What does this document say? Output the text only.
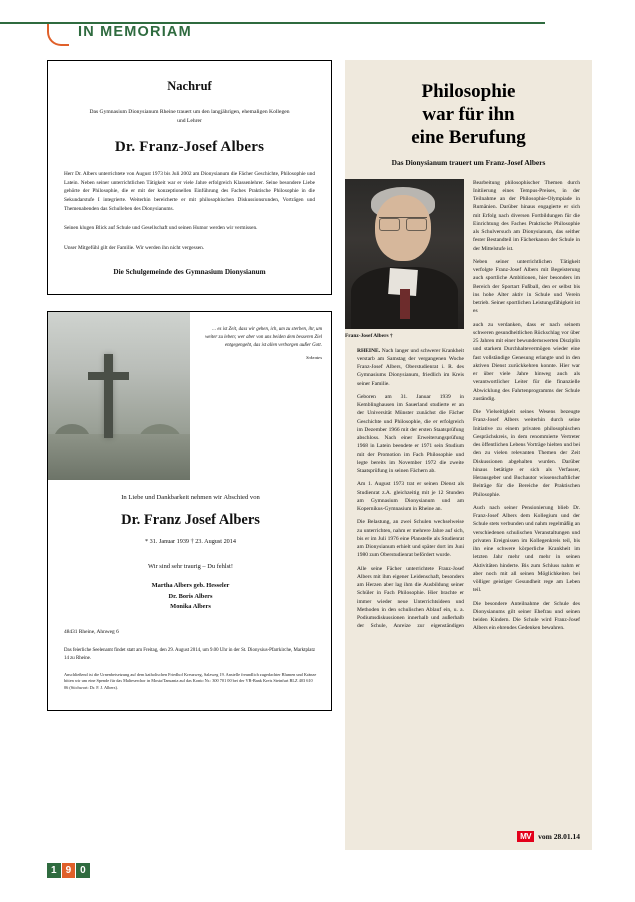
IN MEMORIAM
Nachruf
Das Gymnasium Dionysianum Rheine trauert um den langjährigen, ehemaligen Kollegen und Lehrer
Dr. Franz-Josef Albers
Herr Dr. Albers unterrichtete von August 1973 bis Juli 2002 am Dionysianum die Fächer Geschichte, Philosophie und Latein. Neben seiner unterrichtlichen Tätigkeit war er viele Jahre erfolgreich Klassenlehrer. Seine besondere Liebe gehörte der Philosophie, die er mit der konzeptionellen Einführung des Faches Praktische Philosophie in die Sekundarstufe I integrierte. Weiterhin bereicherte er mit philosophischen Diskussionsrunden, Vorträgen und Themenabenden das Schulleben des Dionysianums.
Seinen klugen Blick auf Schule und Gesellschaft und seinen Humor werden wir vermissen.
Unser Mitgefühl gilt der Familie. Wir werden ihn nicht vergessen.
Die Schulgemeinde des Gymnasium Dionysianum
… es ist Zeit, dass wir gehen, ich, um zu sterben, ihr, um weiter zu leben; wer aber von uns beiden dem besseren Ziel entgegengeht, das ist allen verborgen außer Gott.
Sokrates
In Liebe und Dankbarkeit nehmen wir Abschied von
Dr. Franz Josef Albers
* 31. Januar 1939 † 23. August 2014
Wir sind sehr traurig – Du fehlst!
Martha Albers geb. Hesseler
Dr. Boris Albers
Monika Albers
48431 Rheine, Ahnweg 6
Das feierliche Seelenamt findet statt am Freitag, den 29. August 2014, um 9.00 Uhr in der St. Dionysius-Pfarrkirche, Marktplatz 14 zu Rheine.
Anschließend ist die Urnenbeisetzung auf dem katholischen Friedhof Kreuzweg, Salzweg 19. Anstelle freundlich zugedachter Blumen und Kränze bitten wir um eine Spende für das Malteserchor in Mosta/Tansania auf das Konto Nr.: 300 701 00 bei der VR-Bank Kreis Steinfurt BLZ 403 610 06 (Stichwort: Dr. F. J. Albers).
Philosophie
war für ihn
eine Berufung
Das Dionysianum trauert um Franz-Josef Albers
Franz-Josef Albers †

RHEINE. Nach langer und schwerer Krankheit verstarb am Samstag der vergangenen Woche Franz-Josef Albers, Oberstudienrat i. R. des Gymnasiums Dionysianum, friedlich im Kreis seiner Familie.

Geboren am 31. Januar 1939 in Kemblinghausen im Sauerland studierte er an der Universität Münster zunächst die Fächer Geschichte und Philosophie, die er erfolgreich im Dezember 1966 mit der ersten Staatsprüfung abschloss. Nach einer Erweiterungsprüfung 1968 in Latein beendete er 1971 sein Studium mit der Promotion im Fach Philosophie und legte bereits im November 1972 die zweite Staatsprüfung in seinen Fächern ab.

Am 1. August 1973 trat er seinen Dienst als Studienrat z.A. gleichzeitig mit je 12 Stunden am Gymnasium Dionysianum und am Kopernikus-Gymnasium in Rheine an.

Die Belastung, an zwei Schulen wechselweise zu unterrichten, nahm er mehrere Jahre auf sich, bis er im Juli 1976 eine Planstelle als Studienrat am Dionysianum erhielt und später dort im Juni 1980 zum Oberstudienrat befördert wurde.

Alle seine Fächer unterrichtete Franz-Josef Albers mit ihm eigener Leidenschaft, besonders am Herzen aber lag ihm die Ausbildung seiner Schüler in Fach Philosophie. Hier brachte er immer wieder neue Unterrichtsideen und Methoden in den schulischen Ablauf ein, u. a. Podiumsdiskussionen innerhalb und außerhalb der Schule, Anreize zur eigenständigen Bearbeitung philosophischer Themen durch Initiierung eines Tempus-Preises, in der Teilnahme an der Philosophie-Olympiade in Rumänien. Darüber hinaus engagierte er sich mit Erfolg nach diversen Fortbildungen für die Einrichtung des Faches Praktische Philosophie als Schulversuch am Dionysianum, das seither fester Bestandteil im Fächerkanon der Schule in der Mittelstufe ist.

Neben seiner unterrichtlichen Tätigkeit verfolgte Franz-Josef Albers mit Begeisterung auch sportliche Ambitionen, hier besonders im Bereich der Sportart Fußball, den er selbst bis ins hohe Alter aktiv in Schule und Verein betrieb. Seiner sportlichen Leistungsfähigkeit ist es

auch zu verdanken, dass er nach seinem schweren gesundheitlichen Rückschlag vor über 25 Jahren mit einer bewundernswerten Disziplin und starkem Durchhaltevermögen wieder eine fast vollständige Genesung erlangte und in den aktiven Dienst zurückkehren konnte. Hier war er über viele Jahre hinweg auch als verantwortlicher Leiter für die finanzielle Abwicklung des Fahrtenprogramms der Schule zuständig.

Die Vielseitigkeit seines Wesens bezeugte Franz-Josef Albers weiterhin durch seine Initiative zu einem privaten philosophischen Gesprächskreis, in dem renommierte Vertreter des öffentlichen Lebens Vorträge hielten und bei den zu vielen relevanten Themen der Zeit Diskussionen abgehalten wurden. Darüber hinaus betätigte er sich als Verfasser, Herausgeber und Buchautor wissenschaftlicher Beiträge für die Bereiche der Praktischen Philosophie.

Auch nach seiner Pensionierung blieb Dr. Franz-Josef Albers dem Kollegium und der Schule stets verbunden und nahm regelmäßig an verschiedenen schulischen Veranstaltungen und privaten Ereignissen im Kollegenkreis teil, bis ihn eine schwere körperliche Krankheit im letzten Jahr mehr und mehr in seinen Aktivitäten hinderte. Bis zum Schluss nahm er aber noch mit all seinen Möglichkeiten bei völliger geistiger Gesundheit rege am Leben teil.

Die besondere Anteilnahme der Schule des Dionysianums gilt seiner Ehefrau und seinen beiden Kindern. Die Schule wird Franz-Josef Albers ein ehrendes Gedenken bewahren.

MV vom 28.01.14
1 9 0
